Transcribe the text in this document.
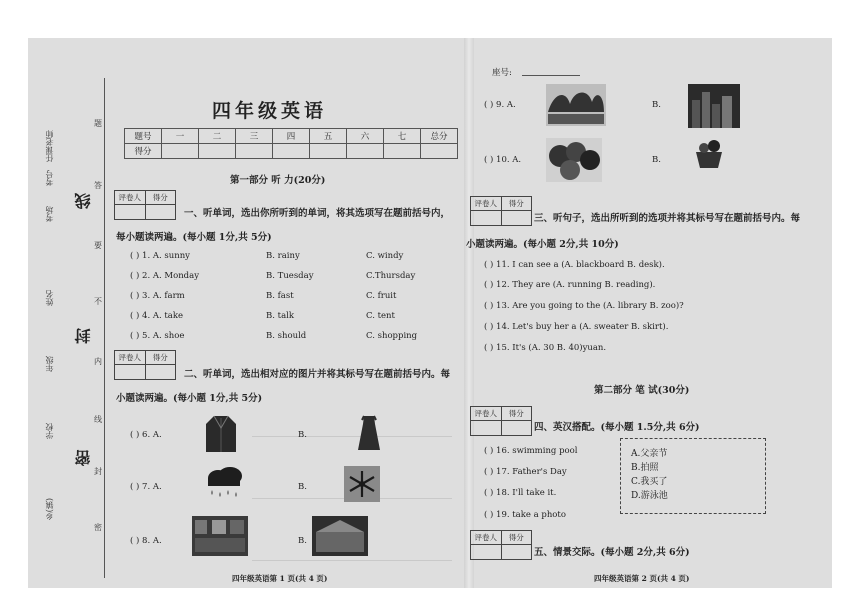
乡(镇)
学校
年级
姓名
考场
考号
任课老师
密
封
线
题
答
要
不
内
线
封
密
四年级英语
题号	一	二	三	四	五	六	七	总分
得分								
第一部分 听 力(20分)
评卷人	得分
一、听单词，选出你所听到的单词，将其选项写在题前括号内，
每小题读两遍。(每小题 1分,共 5分)
( ) 1. A. sunny	B. rainy	C. windy
( ) 2. A. Monday	B. Tuesday	C.Thursday
( ) 3. A. farm	B. fast	C. fruit
( ) 4. A. take	B. talk	C. tent
( ) 5. A. shoe	B. should	C. shopping
评卷人	得分
二、听单词，选出相对应的图片并将其标号写在题前括号内。每
小题读两遍。(每小题 1分,共 5分)
( ) 6. A.	B.
( ) 7. A.	B.
( ) 8. A.	B.
四年级英语第 1 页(共 4 页)
座号:
( ) 9. A.	B.
( ) 10. A.	B.
评卷人	得分
三、听句子，选出所听到的选项并将其标号写在题前括号内。每
小题读两遍。(每小题 2分,共 10分)
( ) 11. I can see a (A. blackboard B. desk).
( ) 12. They are (A. running B. reading).
( ) 13. Are you going to the (A. library B. zoo)?
( ) 14. Let's buy her a (A. sweater B. skirt).
( ) 15. It's (A. 30 B. 40)yuan.
第二部分 笔 试(30分)
评卷人	得分
四、英汉搭配。(每小题 1.5分,共 6分)
( ) 16. swimming pool
( ) 17. Father's Day
( ) 18. I'll take it.
( ) 19. take a photo
A.父亲节
B.拍照
C.我买了
D.游泳池
评卷人	得分
五、情景交际。(每小题 2分,共 6分)
四年级英语第 2 页(共 4 页)
